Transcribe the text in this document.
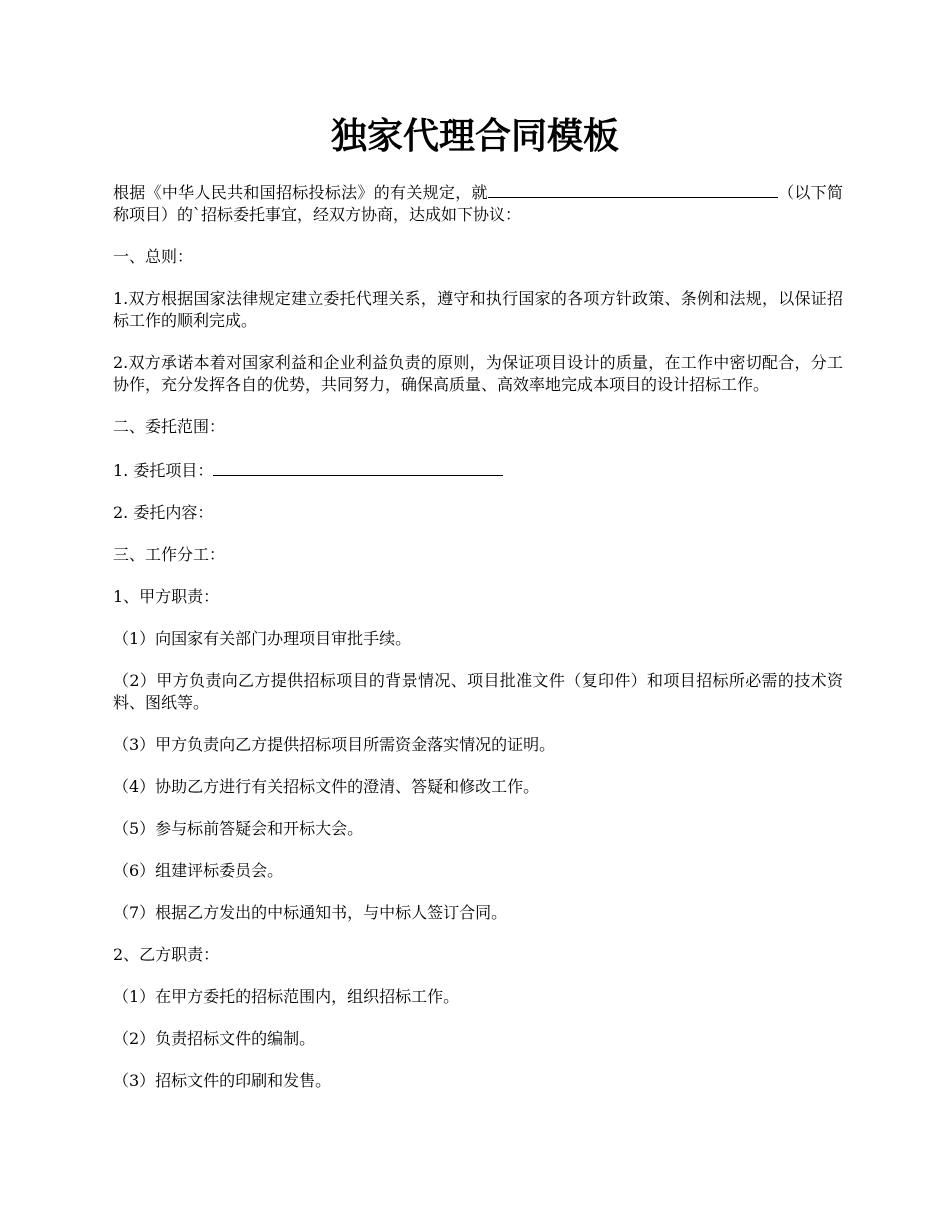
独家代理合同模板

根据《中华人民共和国招标投标法》的有关规定，就	（以下简称项目）的`招标委托事宜，经双方协商，达成如下协议：

一、总则：

1.双方根据国家法律规定建立委托代理关系，遵守和执行国家的各项方针政策、条例和法规，以保证招标工作的顺利完成。

2.双方承诺本着对国家利益和企业利益负责的原则，为保证项目设计的质量，在工作中密切配合，分工协作，充分发挥各自的优势，共同努力，确保高质量、高效率地完成本项目的设计招标工作。

二、委托范围：

1. 委托项目：

2. 委托内容：

三、工作分工：

1、甲方职责：

（1）向国家有关部门办理项目审批手续。

（2）甲方负责向乙方提供招标项目的背景情况、项目批准文件（复印件）和项目招标所必需的技术资料、图纸等。

（3）甲方负责向乙方提供招标项目所需资金落实情况的证明。

（4）协助乙方进行有关招标文件的澄清、答疑和修改工作。

（5）参与标前答疑会和开标大会。

（6）组建评标委员会。

（7）根据乙方发出的中标通知书，与中标人签订合同。

2、乙方职责：

（1）在甲方委托的招标范围内，组织招标工作。

（2）负责招标文件的编制。

（3）招标文件的印刷和发售。
